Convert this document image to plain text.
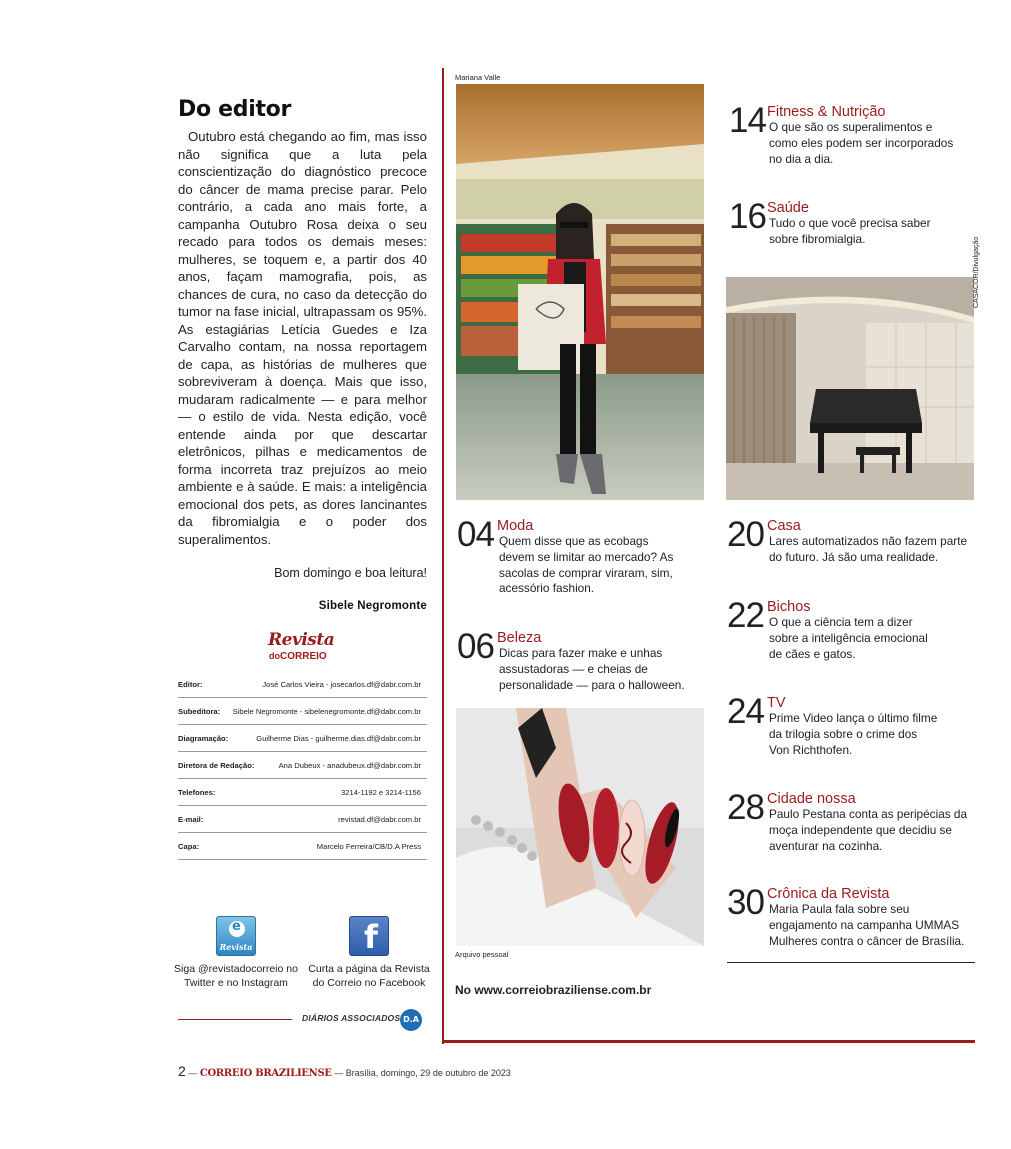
Do editor

Outubro está chegando ao fim, mas isso não significa que a luta pela conscientização do diagnóstico precoce do câncer de mama precise parar. Pelo contrário, a cada ano mais forte, a campanha Outubro Rosa deixa o seu recado para todos os demais meses: mulheres, se toquem e, a partir dos 40 anos, façam mamografia, pois, as chances de cura, no caso da detecção do tumor na fase inicial, ultrapassam os 95%. As estagiárias Letícia Guedes e Iza Carvalho contam, na nossa reportagem de capa, as histórias de mulheres que sobreviveram à doença. Mais que isso, mudaram radicalmente — e para melhor — o estilo de vida. Nesta edição, você entende ainda por que descartar eletrônicos, pilhas e medicamentos de forma incorreta traz prejuízos ao meio ambiente e à saúde. E mais: a inteligência emocional dos pets, as dores lancinantes da fibromialgia e o poder dos superalimentos.

Bom domingo e boa leitura!
Sibele Negromonte
Revista
doCORREIO
Editor:	José Carlos Vieira - josecarlos.df@dabr.com.br
Subeditora: Sibele Negromonte - sibelenegromonte.df@dabr.com.br
Diagramação:	Guilherme Dias - guilherme.dias.df@dabr.com.br
Diretora de Redação:	Ana Dubeux - anadubeux.df@dabr.com.br
Telefones:	3214-1192 e 3214-1156
E-mail:	revistad.df@dabr.com.br
Capa:	Marcelo Ferreira/CB/D.A Press
e
Revista
Siga @revistadocorreio no Twitter e no Instagram
f
Curta a página da Revista do Correio no Facebook
DIÁRIOS ASSOCIADOS D.A
2 — CORREIO BRAZILIENSE — Brasília, domingo, 29 de outubro de 2023
Mariana Valle
Arquivo pessoal
CASACOR/Divulgação
14 Fitness & Nutrição
O que são os superalimentos e
como eles podem ser incorporados
no dia a dia.
16 Saúde
Tudo o que você precisa saber
sobre fibromialgia.
04 Moda
Quem disse que as ecobags
devem se limitar ao mercado? As
sacolas de comprar viraram, sim,
acessório fashion.
06 Beleza
Dicas para fazer make e unhas
assustadoras — e cheias de
personalidade — para o halloween.
20 Casa
Lares automatizados não fazem parte
do futuro. Já são uma realidade.
22 Bichos
O que a ciência tem a dizer
sobre a inteligência emocional
de cães e gatos.
24 TV
Prime Video lança o último filme
da trilogia sobre o crime dos
Von Richthofen.
28 Cidade nossa
Paulo Pestana conta as peripécias da
moça independente que decidiu se
aventurar na cozinha.
30 Crônica da Revista
Maria Paula fala sobre seu
engajamento na campanha UMMAS
Mulheres contra o câncer de Brasília.
No www.correiobraziliense.com.br
